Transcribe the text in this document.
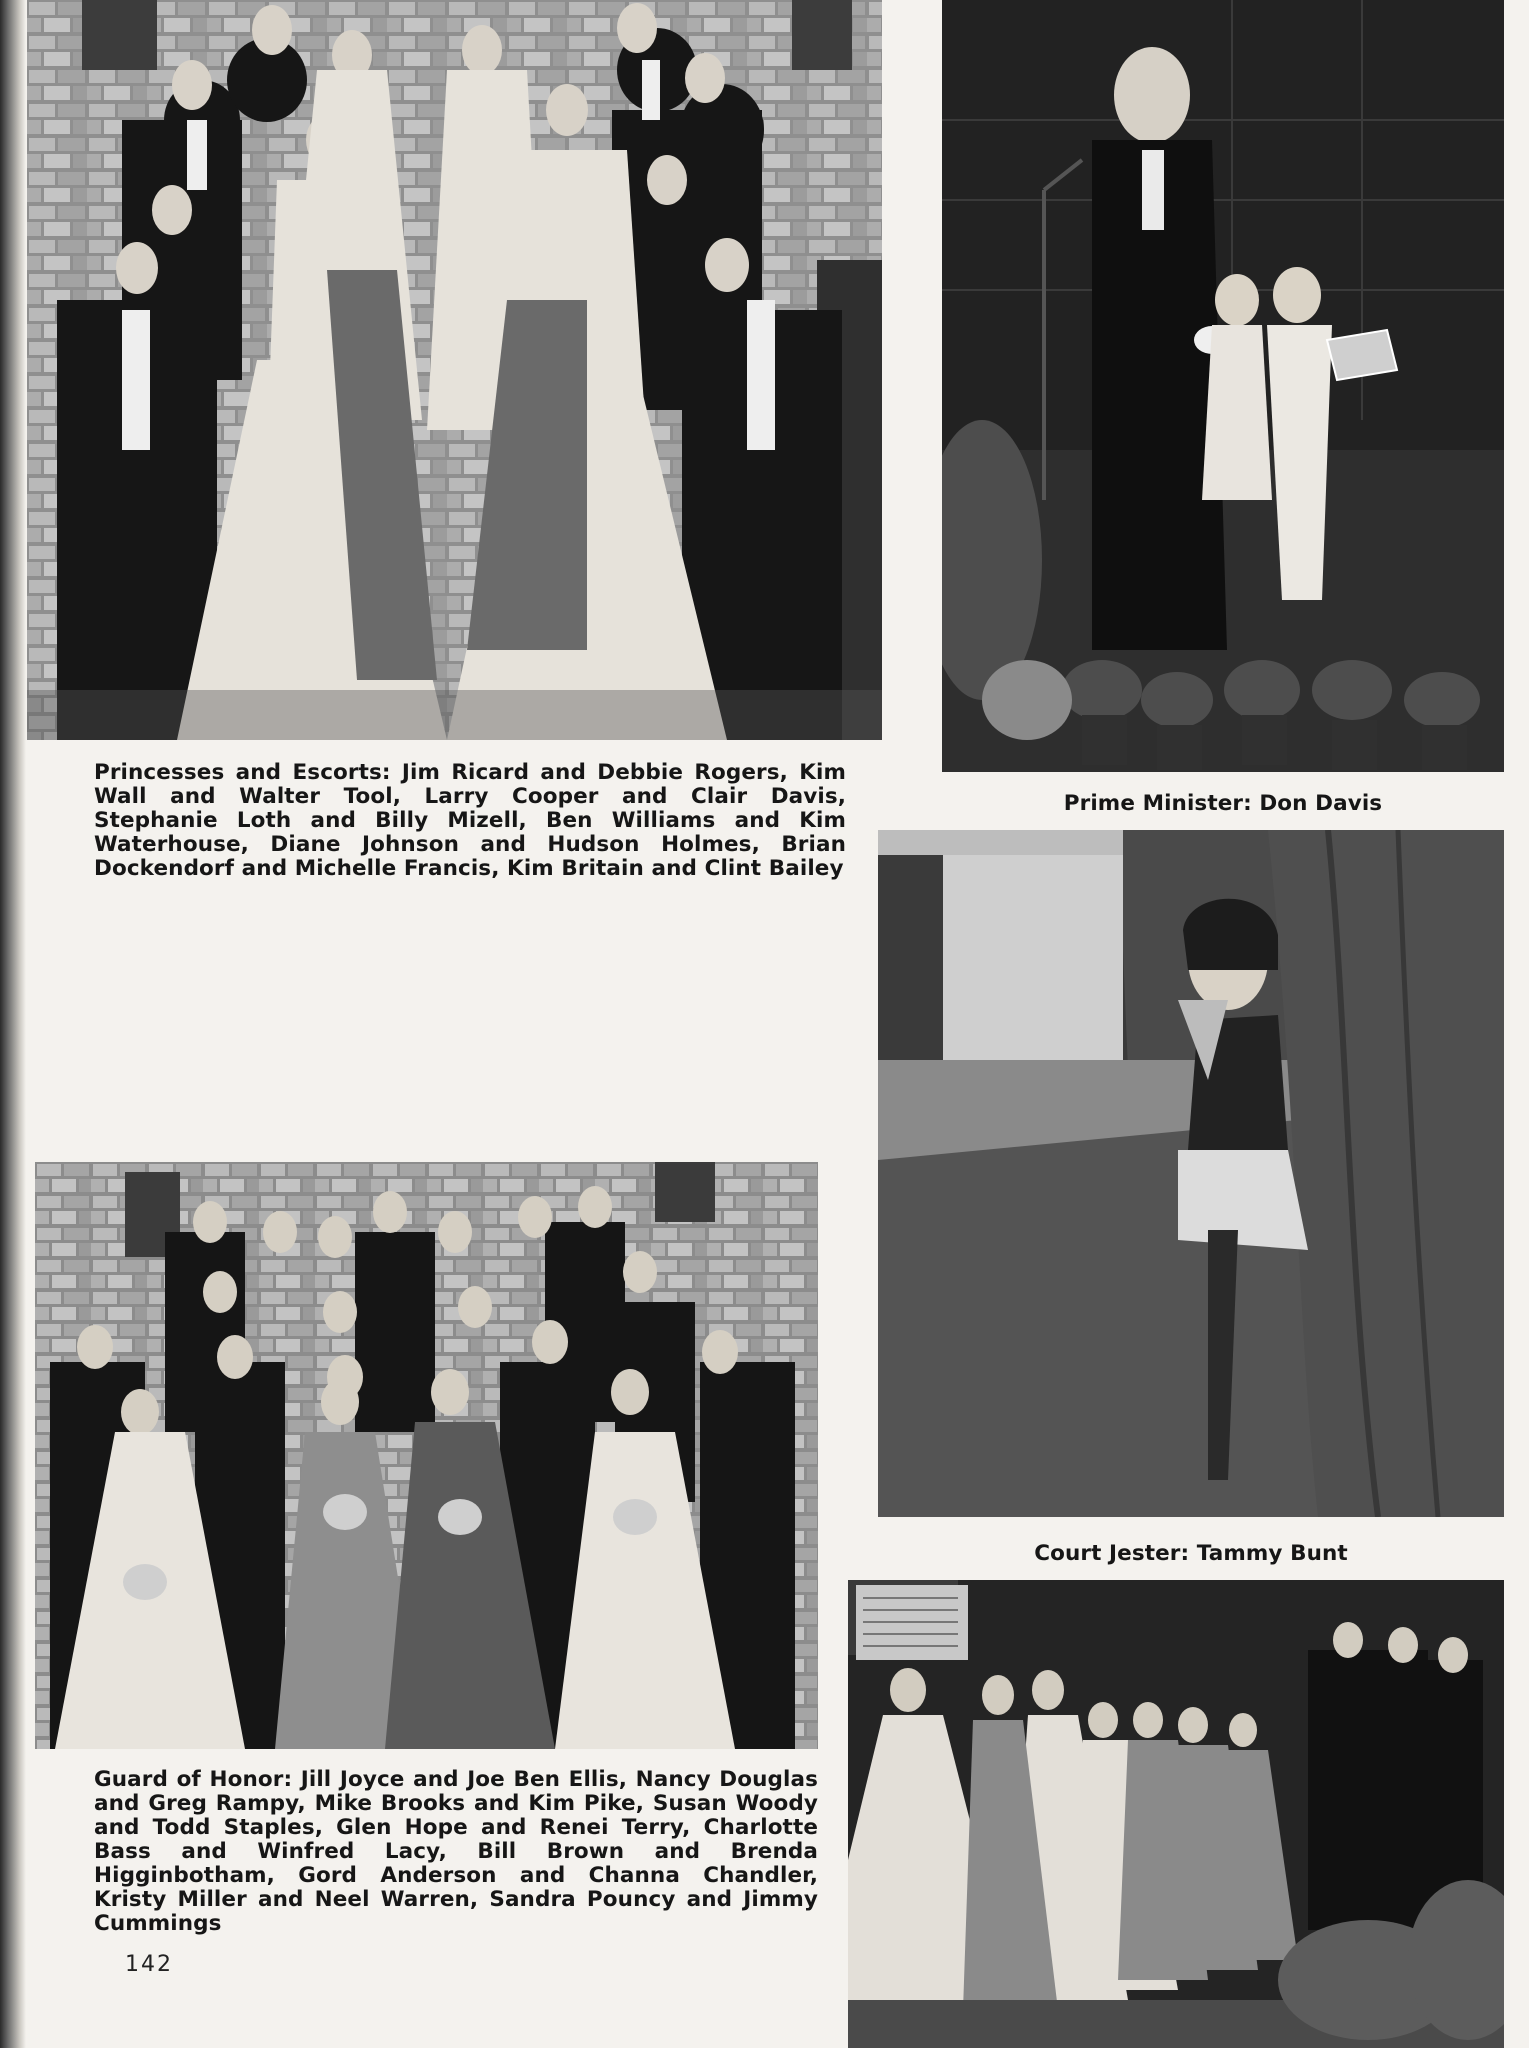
Princesses and Escorts: Jim Ricard and Debbie Rogers, Kim Wall and Walter Tool, Larry Cooper and Clair Davis, Stephanie Loth and Billy Mizell, Ben Williams and Kim Waterhouse, Diane Johnson and Hudson Holmes, Brian Dockendorf and Michelle Francis, Kim Britain and Clint Bailey

Prime Minister: Don Davis

Court Jester: Tammy Bunt

Guard of Honor: Jill Joyce and Joe Ben Ellis, Nancy Douglas and Greg Rampy, Mike Brooks and Kim Pike, Susan Woody and Todd Staples, Glen Hope and Renei Terry, Charlotte Bass and Winfred Lacy, Bill Brown and Brenda Higginbotham, Gord Anderson and Channa Chandler, Kristy Miller and Neel Warren, Sandra Pouncy and Jimmy Cummings

142
